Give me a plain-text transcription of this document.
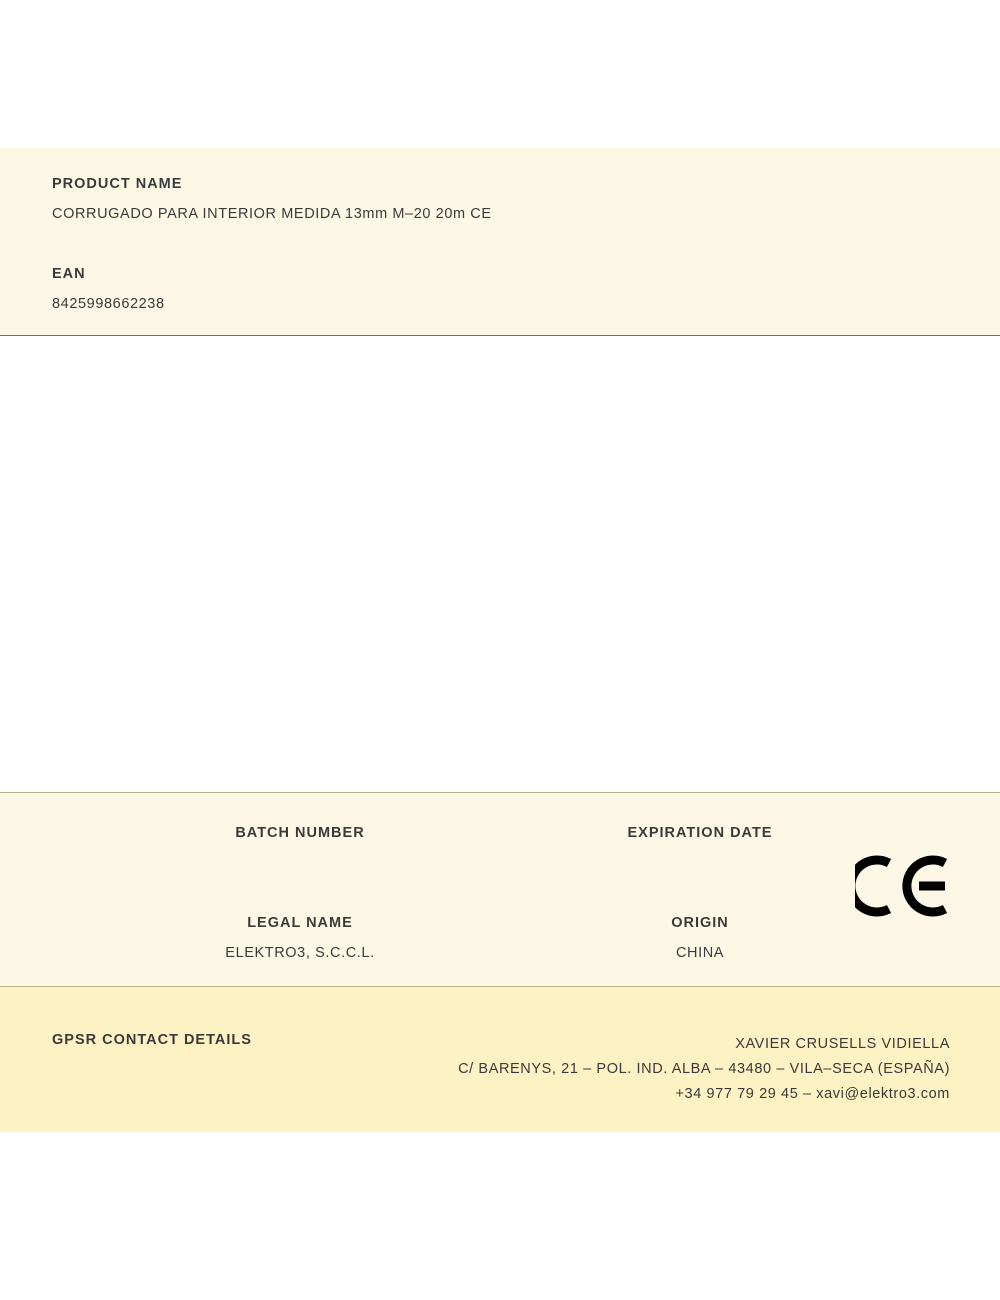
PRODUCT NAME
CORRUGADO PARA INTERIOR MEDIDA 13mm M–20 20m CE
EAN
8425998662238
BATCH NUMBER	EXPIRATION DATE
LEGAL NAME
ELEKTRO3, S.C.C.L.
ORIGIN
CHINA
GPSR CONTACT DETAILS	XAVIER CRUSELLS VIDIELLA
C/ BARENYS, 21 – POL. IND. ALBA – 43480 – VILA–SECA (ESPAÑA)
+34 977 79 29 45 – xavi@elektro3.com
